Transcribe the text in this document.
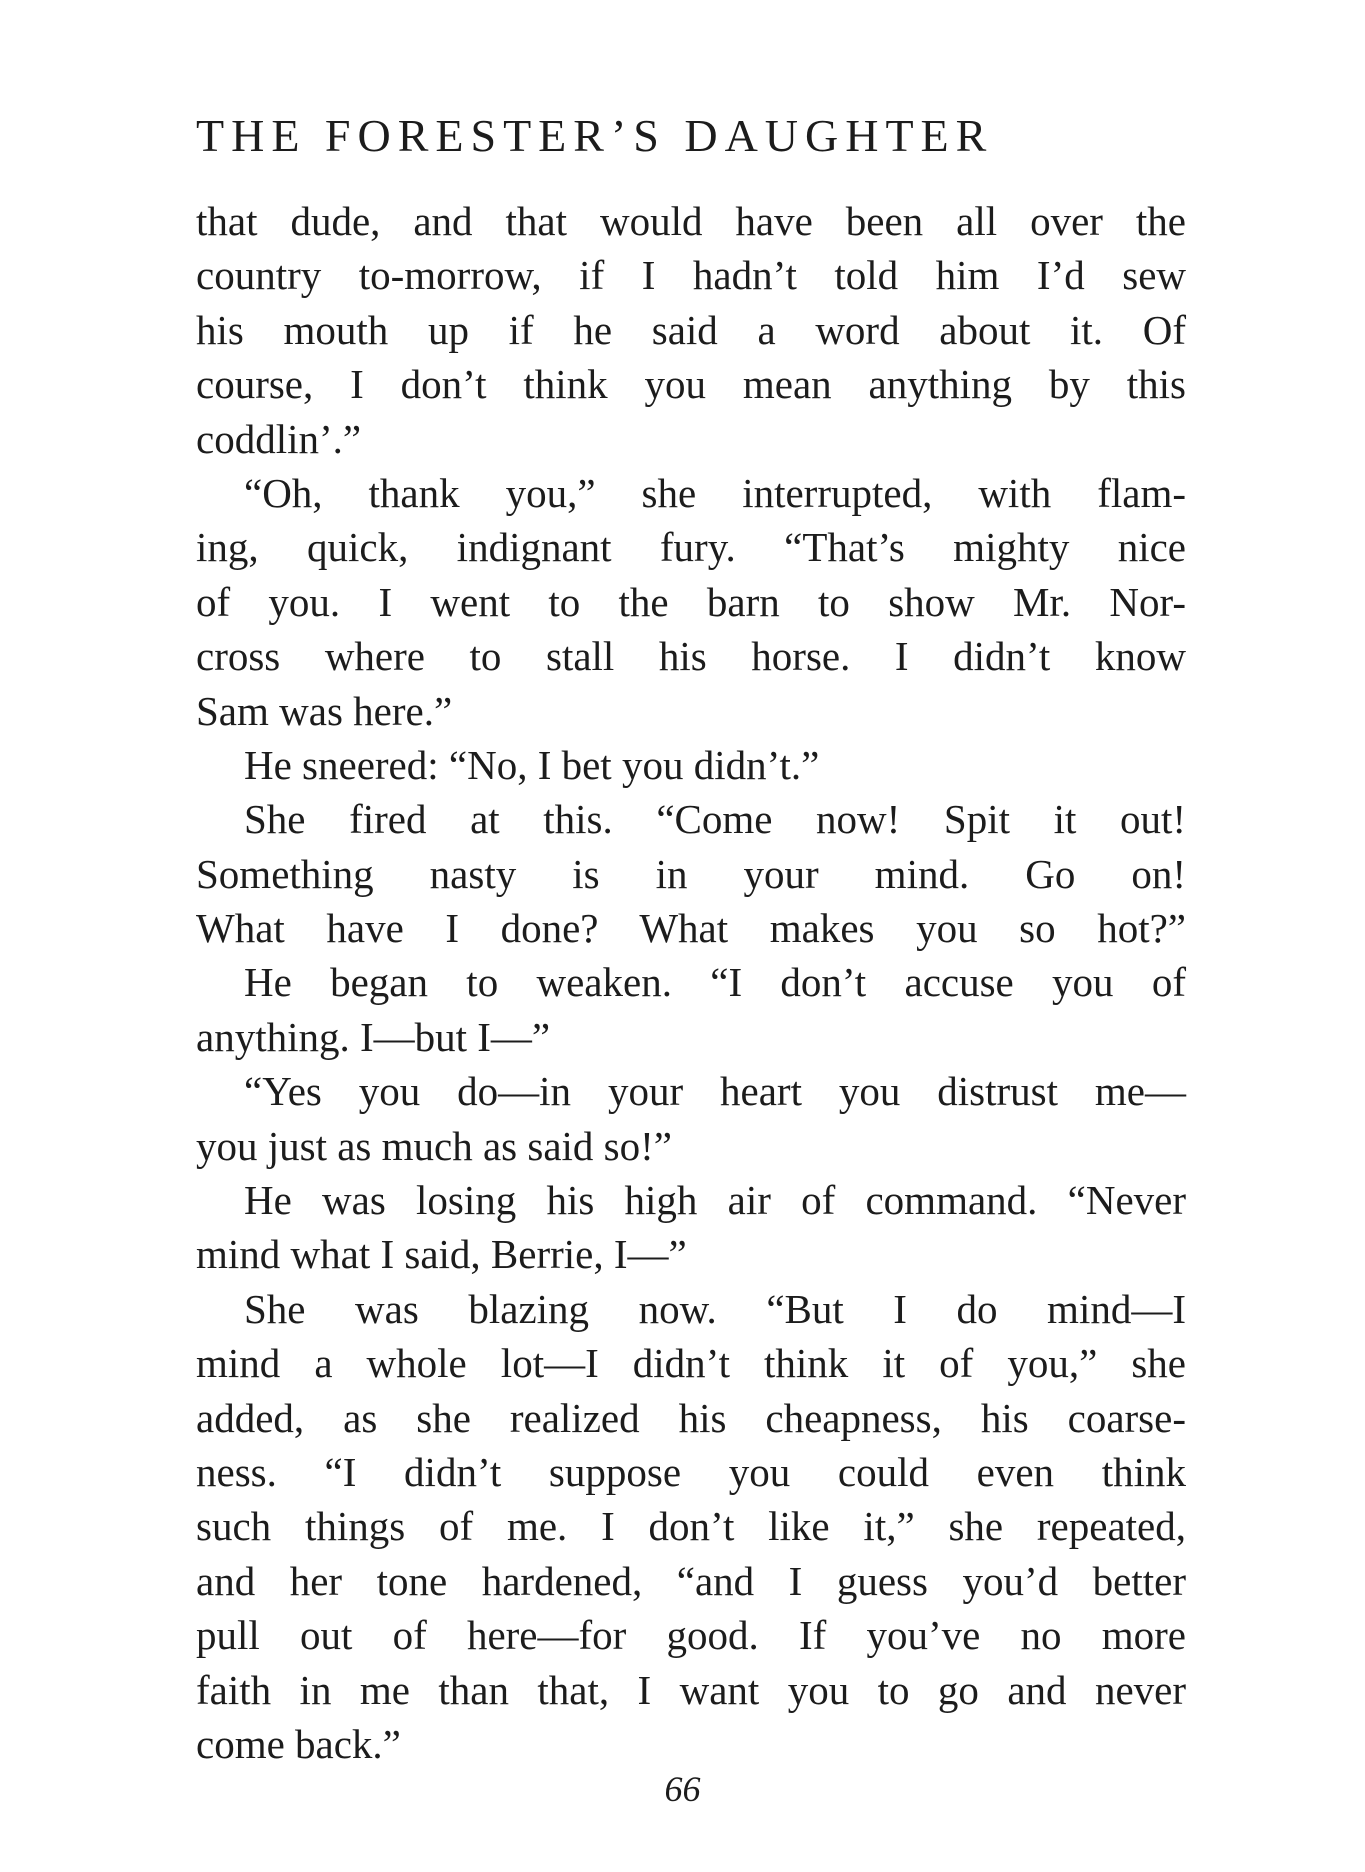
THE FORESTER’S DAUGHTER
that dude, and that would have been all over the
country to-morrow, if I hadn’t told him I’d sew
his mouth up if he said a word about it. Of
course, I don’t think you mean anything by this
coddlin’.”
“Oh, thank you,” she interrupted, with flam-
ing, quick, indignant fury. “That’s mighty nice
of you. I went to the barn to show Mr. Nor-
cross where to stall his horse. I didn’t know
Sam was here.”
He sneered: “No, I bet you didn’t.”
She fired at this. “Come now! Spit it out!
Something nasty is in your mind. Go on!
What have I done? What makes you so hot?”
He began to weaken. “I don’t accuse you of
anything. I—but I—”
“Yes you do—in your heart you distrust me—
you just as much as said so!”
He was losing his high air of command. “Never
mind what I said, Berrie, I—”
She was blazing now. “But I do mind—I
mind a whole lot—I didn’t think it of you,” she
added, as she realized his cheapness, his coarse-
ness. “I didn’t suppose you could even think
such things of me. I don’t like it,” she repeated,
and her tone hardened, “and I guess you’d better
pull out of here—for good. If you’ve no more
faith in me than that, I want you to go and never
come back.”
66
